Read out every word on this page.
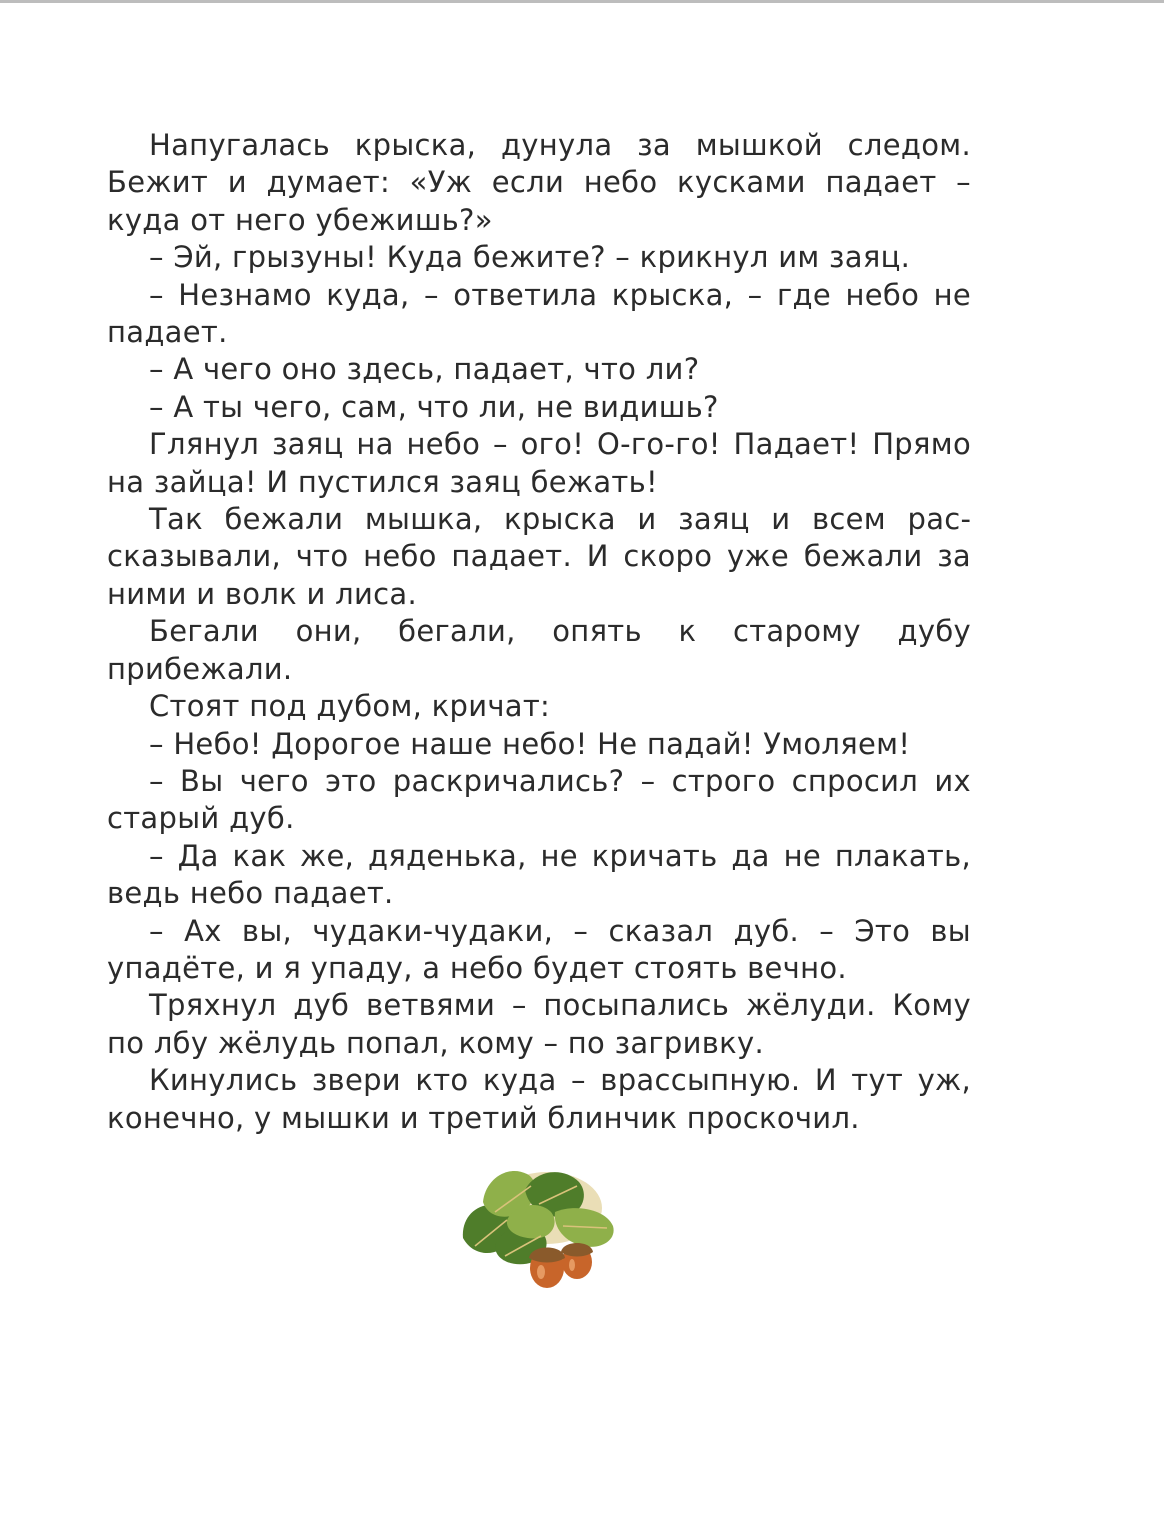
Напугалась крыска, дунула за мышкой следом. Бежит и думает: «Уж если небо кусками падает – куда от него убежишь?»

– Эй, грызуны! Куда бежите? – крикнул им заяц.

– Незнамо куда, – ответила крыска, – где небо не падает.

– А чего оно здесь, падает, что ли?

– А ты чего, сам, что ли, не видишь?

Глянул заяц на небо – ого! О-го-го! Падает! Прямо на зайца! И пустился заяц бежать!

Так бежали мышка, крыска и заяц и всем рассказывали, что небо падает. И скоро уже бежали за ними и волк и лиса.

Бегали они, бегали, опять к старому дубу прибежали.

Стоят под дубом, кричат:

– Небо! Дорогое наше небо! Не падай! Умоляем!

– Вы чего это раскричались? – строго спросил их старый дуб.

– Да как же, дяденька, не кричать да не плакать, ведь небо падает.

– Ах вы, чудаки-чудаки, – сказал дуб. – Это вы упадёте, и я упаду, а небо будет стоять вечно.

Тряхнул дуб ветвями – посыпались жёлуди. Кому по лбу жёлудь попал, кому – по загривку.

Кинулись звери кто куда – врассыпную. И тут уж, конечно, у мышки и третий блинчик проскочил.
